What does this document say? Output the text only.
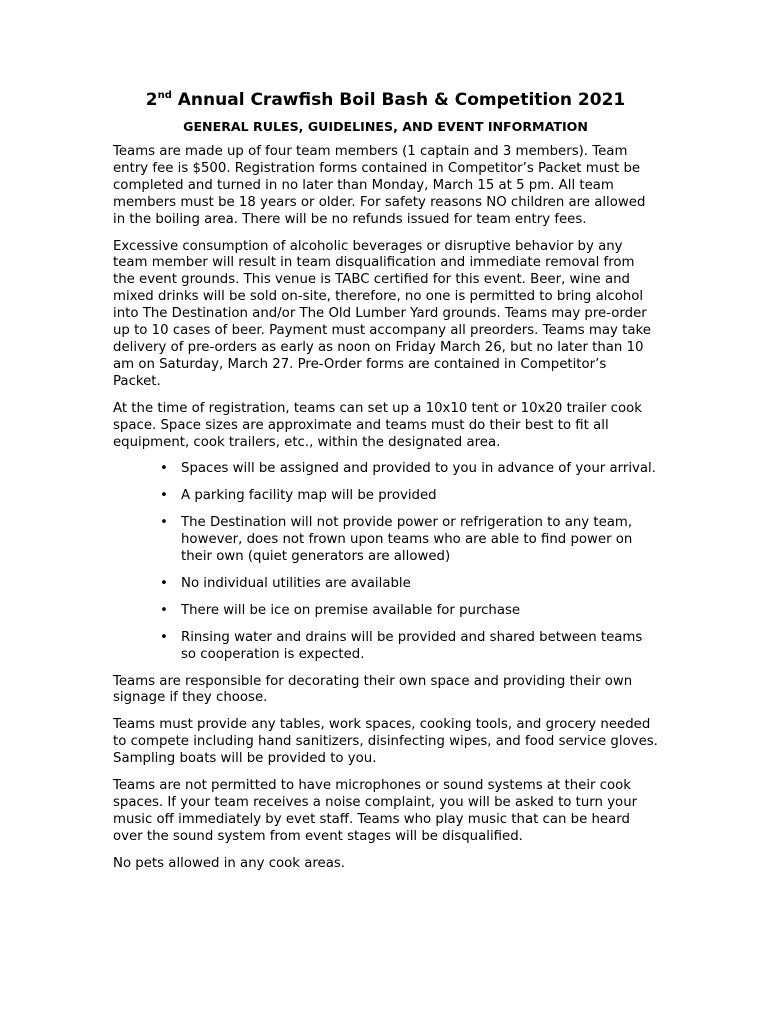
2nd Annual Crawfish Boil Bash & Competition 2021
GENERAL RULES, GUIDELINES, AND EVENT INFORMATION

Teams are made up of four team members (1 captain and 3 members). Team entry fee is $500. Registration forms contained in Competitor’s Packet must be completed and turned in no later than Monday, March 15 at 5 pm. All team members must be 18 years or older. For safety reasons NO children are allowed in the boiling area. There will be no refunds issued for team entry fees.

Excessive consumption of alcoholic beverages or disruptive behavior by any team member will result in team disqualification and immediate removal from the event grounds. This venue is TABC certified for this event. Beer, wine and mixed drinks will be sold on-site, therefore, no one is permitted to bring alcohol into The Destination and/or The Old Lumber Yard grounds. Teams may pre-order up to 10 cases of beer. Payment must accompany all preorders. Teams may take delivery of pre-orders as early as noon on Friday March 26, but no later than 10 am on Saturday, March 27. Pre-Order forms are contained in Competitor’s Packet.

At the time of registration, teams can set up a 10x10 tent or 10x20 trailer cook space. Space sizes are approximate and teams must do their best to fit all equipment, cook trailers, etc., within the designated area.

• Spaces will be assigned and provided to you in advance of your arrival.
• A parking facility map will be provided
• The Destination will not provide power or refrigeration to any team, however, does not frown upon teams who are able to find power on their own (quiet generators are allowed)
• No individual utilities are available
• There will be ice on premise available for purchase
• Rinsing water and drains will be provided and shared between teams so cooperation is expected.

Teams are responsible for decorating their own space and providing their own signage if they choose.

Teams must provide any tables, work spaces, cooking tools, and grocery needed to compete including hand sanitizers, disinfecting wipes, and food service gloves. Sampling boats will be provided to you.

Teams are not permitted to have microphones or sound systems at their cook spaces. If your team receives a noise complaint, you will be asked to turn your music off immediately by evet staff. Teams who play music that can be heard over the sound system from event stages will be disqualified.

No pets allowed in any cook areas.
